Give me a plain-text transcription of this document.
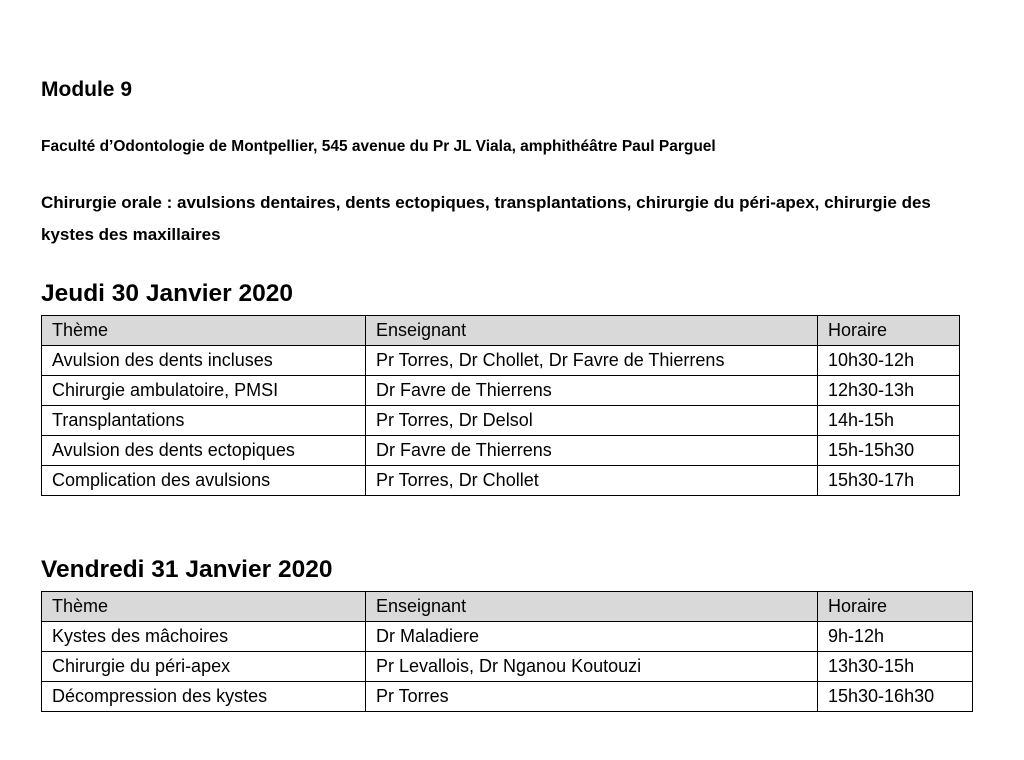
Module 9
Faculté d’Odontologie de Montpellier, 545 avenue du Pr JL Viala, amphithéâtre Paul Parguel
Chirurgie orale : avulsions dentaires, dents ectopiques, transplantations, chirurgie du péri-apex, chirurgie des kystes des maxillaires
Jeudi 30 Janvier 2020
Thème	Enseignant	Horaire
Avulsion des dents incluses	Pr Torres, Dr Chollet, Dr Favre de Thierrens	10h30-12h
Chirurgie ambulatoire, PMSI	Dr Favre de Thierrens	12h30-13h
Transplantations	Pr Torres, Dr Delsol	14h-15h
Avulsion des dents ectopiques	Dr Favre de Thierrens	15h-15h30
Complication des avulsions	Pr Torres, Dr Chollet	15h30-17h
Vendredi 31 Janvier 2020
Thème	Enseignant	Horaire
Kystes des mâchoires	Dr Maladiere	9h-12h
Chirurgie du péri-apex	Pr Levallois, Dr Nganou Koutouzi	13h30-15h
Décompression des kystes	Pr Torres	15h30-16h30
